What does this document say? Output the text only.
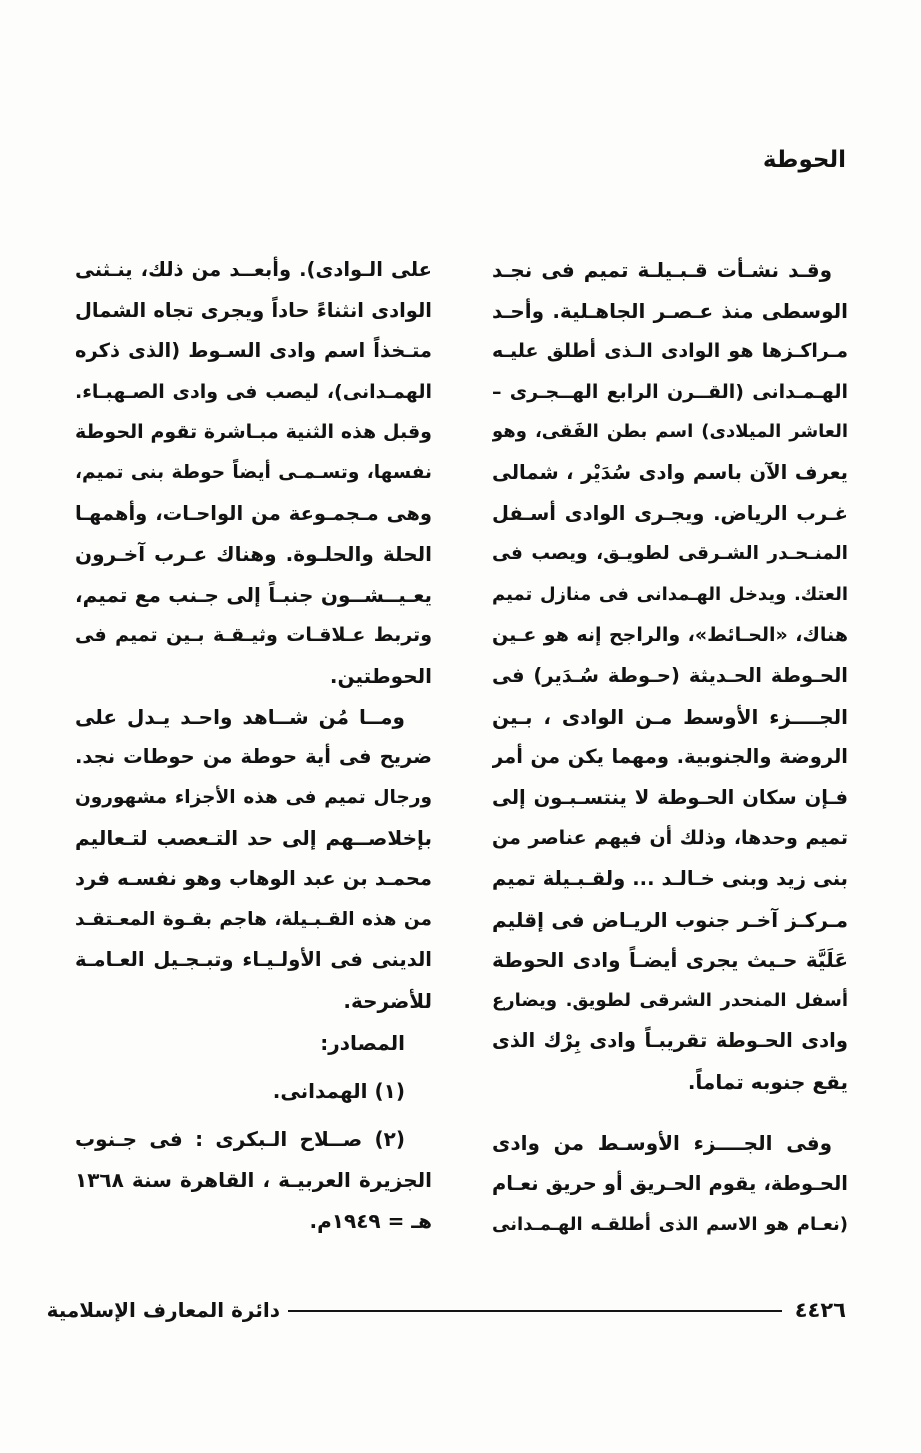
الحوطة
وقـد نشـأت قـبـيلـة تميم فى نجـد
الوسطى منذ عـصـر الجاهـلية. وأحـد
مـراكـزها هو الوادى الـذى أطلق عليـه
الهـمـدانى (القــرن الرابع الهــجـرى –
العاشر الميلادى) اسم بطن الفَقى، وهو
يعرف الآن باسم وادى سُدَيْر ، شمالى
غـرب الرياض. ويجـرى الوادى أسـفل
المنـحـدر الشـرقى لطويـق، ويصب فى
العتك. ويدخل الهـمدانى فى منازل تميم
هناك، «الحـائط»، والراجح إنه هو عـين
الحـوطة الحـديثة (حـوطة سُـدَير) فى
الجــــزء الأوسط مـن الوادى ، بـين
الروضة والجنوبية. ومهما يكن من أمر
فـإن سكان الحـوطة لا ينتسـبـون إلى
تميم وحدها، وذلك أن فيهم عناصر من
بنى زيد وبنى خـالـد ... ولقـبـيلة تميم
مـركـز آخـر جنوب الريـاض فى إقليم
عَلَيَّة حـيث يجرى أيضـاً وادى الحوطة
أسفل المنحدر الشرقى لطويق. ويضارع
وادى الحـوطة تقريبـاً وادى بِرْك الذى
يقع جنوبه تماماً.
وفى الجــــزء الأوسـط من وادى
الحـوطة، يقوم الحـريق أو حريق نعـام
(نعـام هو الاسم الذى أطلقـه الهـمـدانى
على الـوادى). وأبعــد من ذلك، ينـثنى
الوادى انثناءً حاداً ويجرى تجاه الشمال
متـخذاً اسم وادى السـوط (الذى ذكره
الهمـدانى)، ليصب فى وادى الصـهبـاء.
وقبل هذه الثنية مبـاشرة تقوم الحوطة
نفسها، وتسـمـى أيضاً حوطة بنى تميم،
وهى مـجمـوعة من الواحـات، وأهمهـا
الحلة والحلـوة. وهناك عـرب آخـرون
يعـيــشــون جنبـاً إلى جـنب مع تميم،
وتربط عـلاقـات وثيـقـة بـين تميم فى
الحوطتين.
ومــا مُن شــاهد واحـد يـدل على
ضريح فى أية حوطة من حوطات نجد.
ورجال تميم فى هذه الأجزاء مشهورون
بإخلاصــهم إلى حد التـعصب لتـعاليم
محمـد بن عبد الوهاب وهو نفسـه فرد
من هذه القـبـيلة، هاجم بقـوة المعـتقـد
الدينى فى الأولـيـاء وتبـجـيل العـامـة
للأضرحة.
المصادر:
(١) الهمدانى.
(٢) صــلاح الـبكرى : فى جـنوب
الجزيرة العربيـة ، القاهرة سنة ١٣٦٨
هـ = ١٩٤٩م.
٤٤٢٦
دائرة المعارف الإسلامية
